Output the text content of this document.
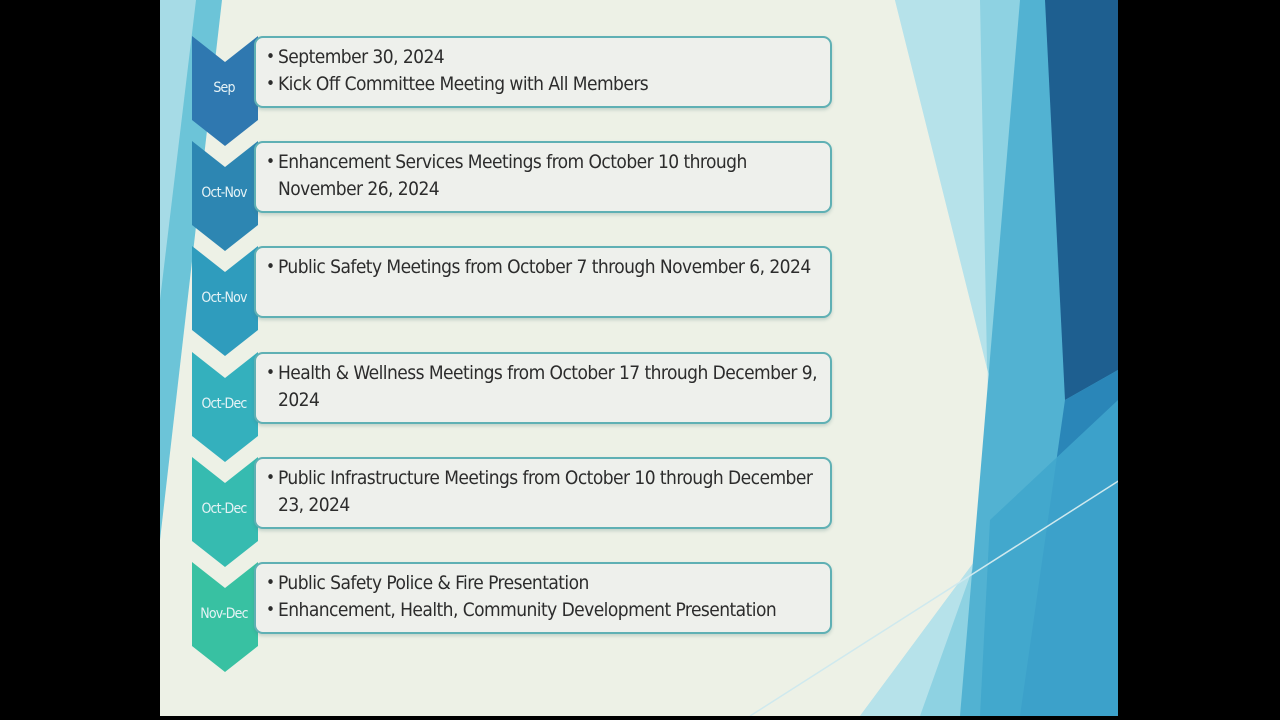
Sep
• September 30, 2024
• Kick Off Committee Meeting with All Members
Oct-Nov
• Enhancement Services Meetings from October 10 through November 26, 2024
Oct-Nov
• Public Safety Meetings from October 7 through November 6, 2024
Oct-Dec
• Health & Wellness Meetings from October 17 through December 9, 2024
Oct-Dec
• Public Infrastructure Meetings from October 10 through December 23, 2024
Nov-Dec
• Public Safety Police & Fire Presentation
• Enhancement, Health, Community Development Presentation
